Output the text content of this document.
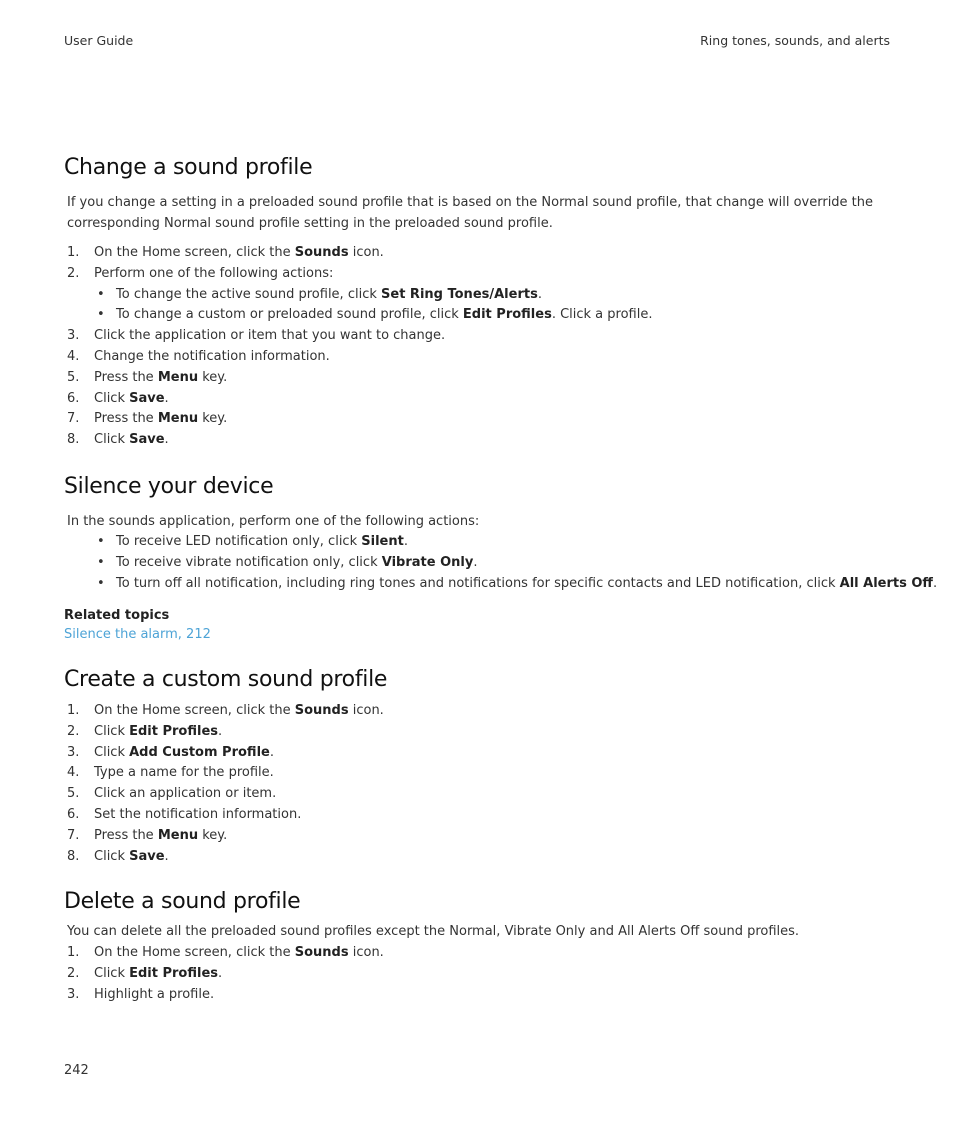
User Guide	Ring tones, sounds, and alerts
Change a sound profile

If you change a setting in a preloaded sound profile that is based on the Normal sound profile, that change will override the corresponding Normal sound profile setting in the preloaded sound profile.

1. On the Home screen, click the Sounds icon.
2. Perform one of the following actions:
• To change the active sound profile, click Set Ring Tones/Alerts.
• To change a custom or preloaded sound profile, click Edit Profiles. Click a profile.
3. Click the application or item that you want to change.
4. Change the notification information.
5. Press the Menu key.
6. Click Save.
7. Press the Menu key.
8. Click Save.
Silence your device

In the sounds application, perform one of the following actions:

• To receive LED notification only, click Silent.
• To receive vibrate notification only, click Vibrate Only.
• To turn off all notification, including ring tones and notifications for specific contacts and LED notification, click All Alerts Off.
Related topics
Silence the alarm, 212
Create a custom sound profile
1. On the Home screen, click the Sounds icon.
2. Click Edit Profiles.
3. Click Add Custom Profile.
4. Type a name for the profile.
5. Click an application or item.
6. Set the notification information.
7. Press the Menu key.
8. Click Save.
Delete a sound profile

You can delete all the preloaded sound profiles except the Normal, Vibrate Only and All Alerts Off sound profiles.

1. On the Home screen, click the Sounds icon.
2. Click Edit Profiles.
3. Highlight a profile.
242
